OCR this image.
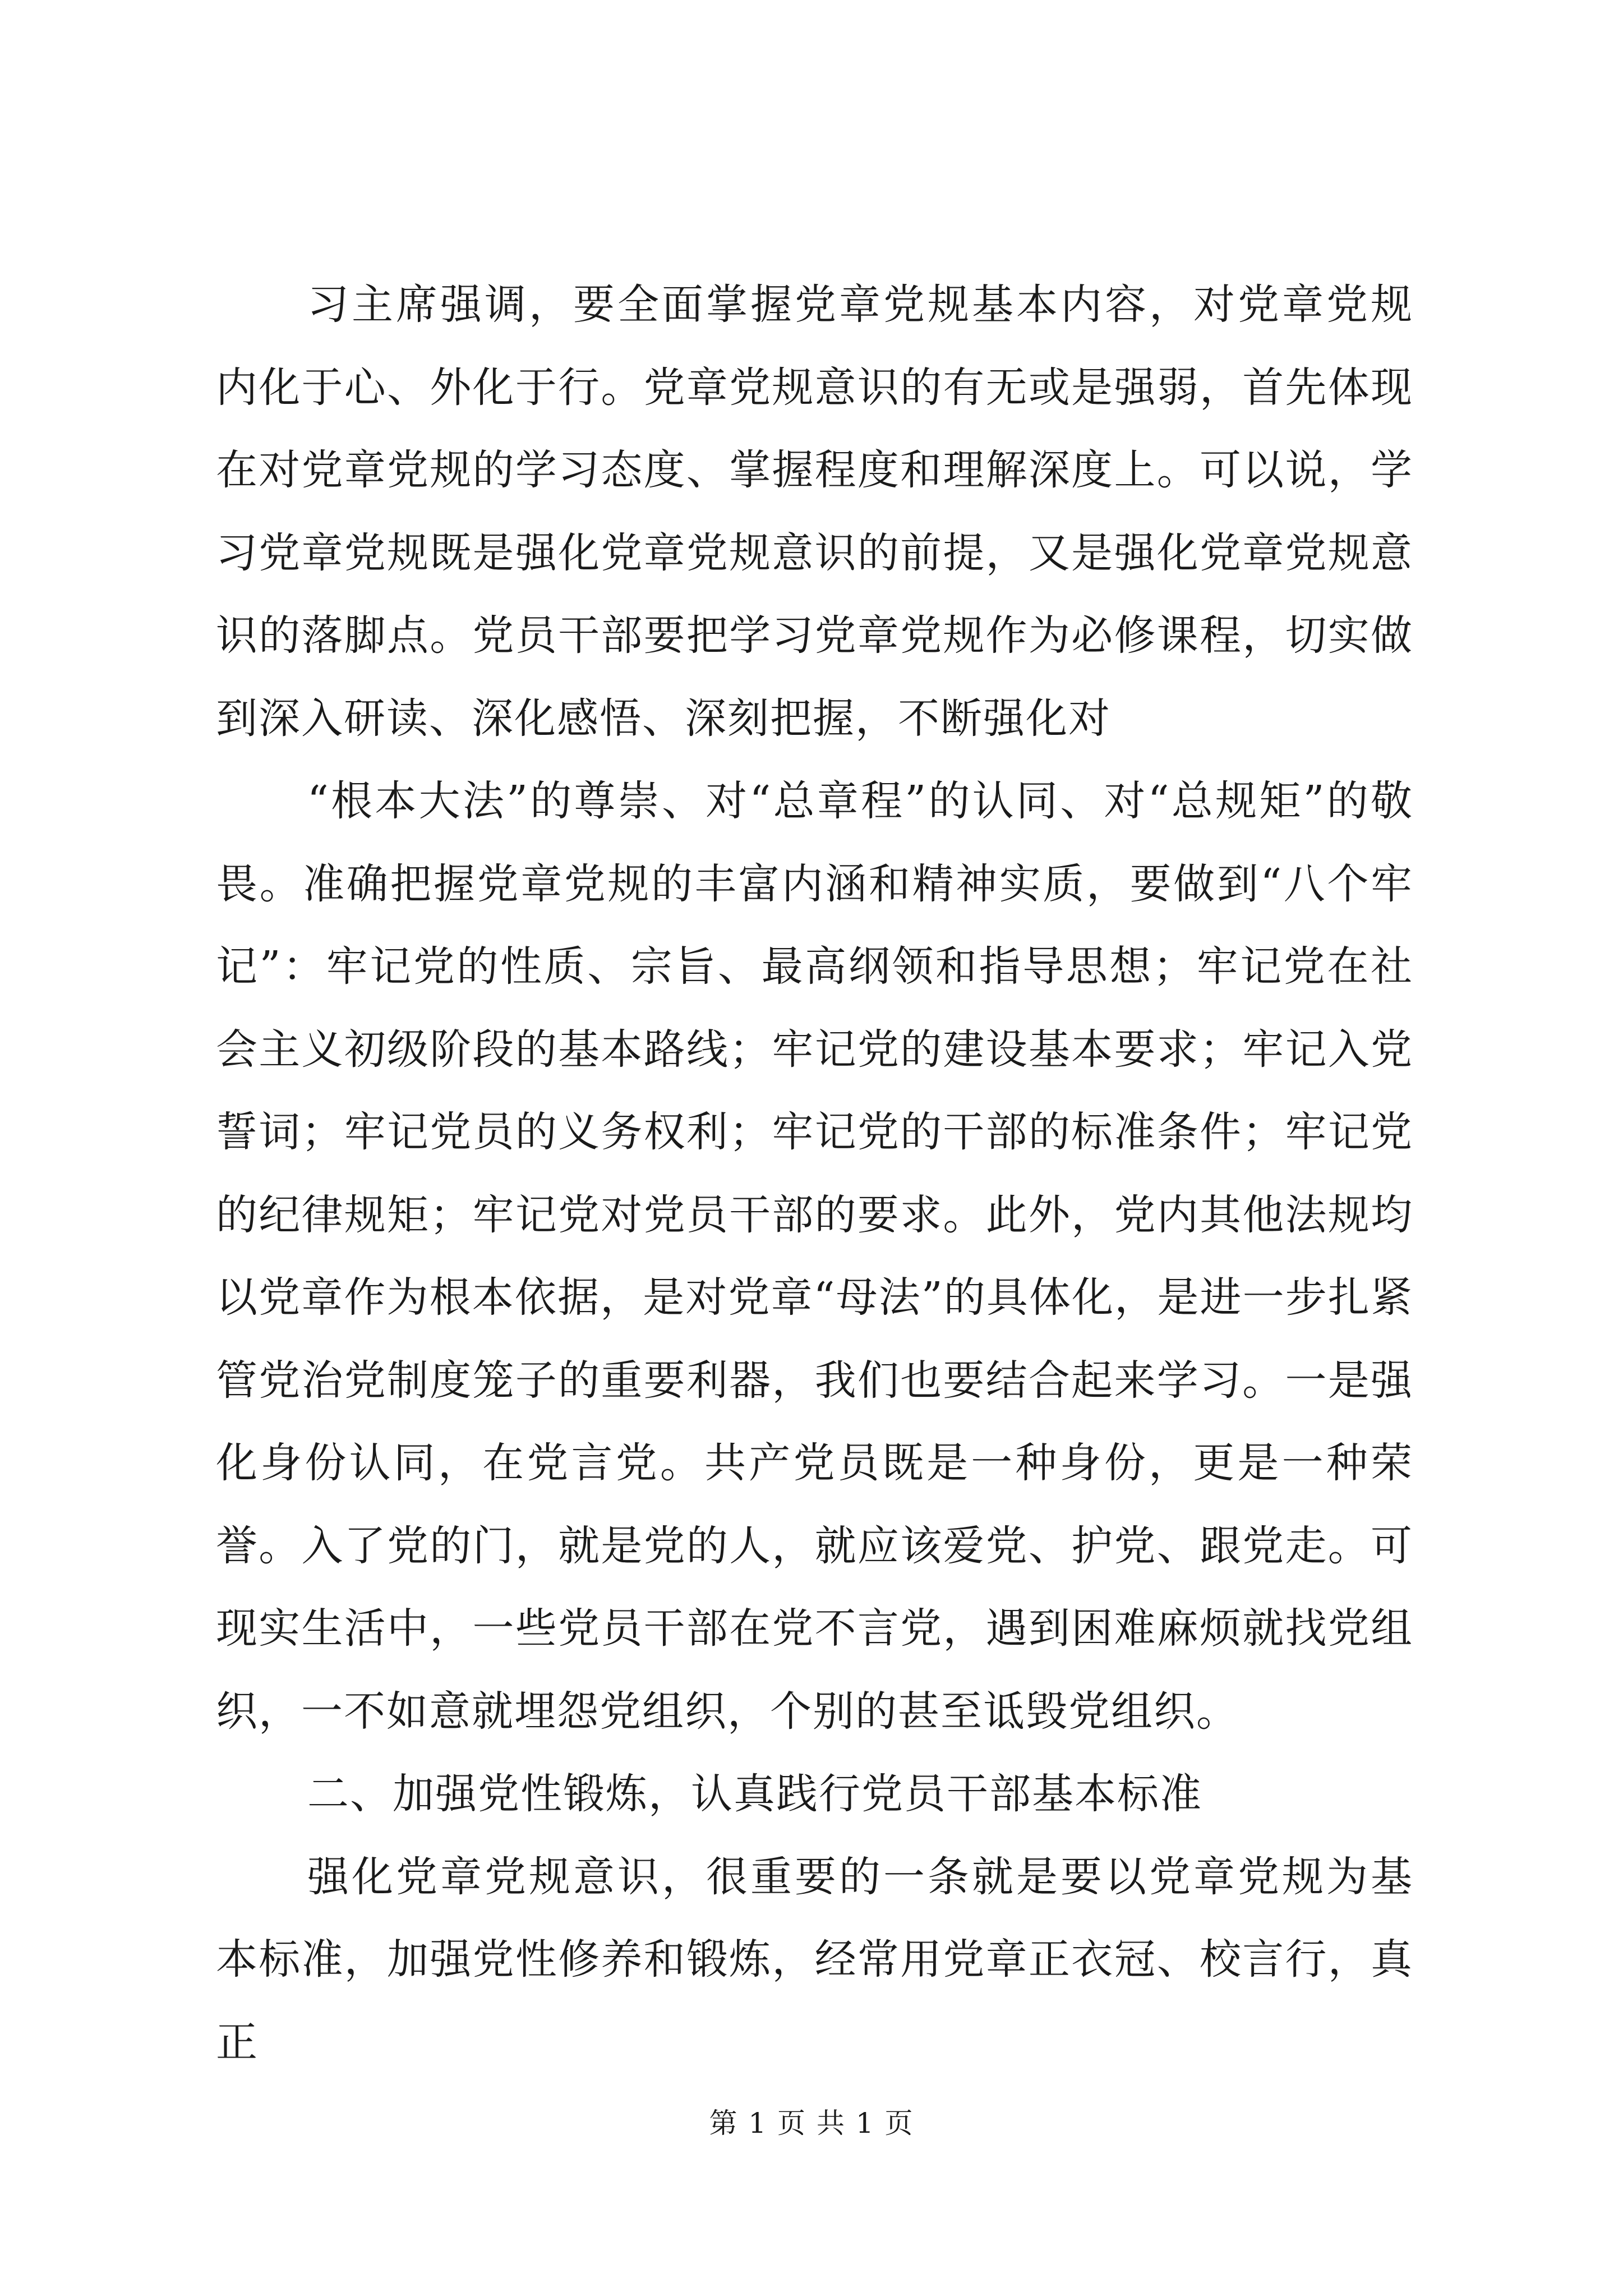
习主席强调，要全面掌握党章党规基本内容，对党章党规内化于心、外化于行。党章党规意识的有无或是强弱，首先体现在对党章党规的学习态度、掌握程度和理解深度上。可以说，学习党章党规既是强化党章党规意识的前提，又是强化党章党规意识的落脚点。党员干部要把学习党章党规作为必修课程，切实做到深入研读、深化感悟、深刻把握，不断强化对

“根本大法”的尊崇、对“总章程”的认同、对“总规矩”的敬畏。准确把握党章党规的丰富内涵和精神实质，要做到“八个牢记”：牢记党的性质、宗旨、最高纲领和指导思想；牢记党在社会主义初级阶段的基本路线；牢记党的建设基本要求；牢记入党誓词；牢记党员的义务权利；牢记党的干部的标准条件；牢记党的纪律规矩；牢记党对党员干部的要求。此外，党内其他法规均以党章作为根本依据，是对党章“母法”的具体化，是进一步扎紧管党治党制度笼子的重要利器，我们也要结合起来学习。一是强化身份认同，在党言党。共产党员既是一种身份，更是一种荣誉。入了党的门，就是党的人，就应该爱党、护党、跟党走。可现实生活中，一些党员干部在党不言党，遇到困难麻烦就找党组织，一不如意就埋怨党组织，个别的甚至诋毁党组织。

二、加强党性锻炼，认真践行党员干部基本标准

强化党章党规意识，很重要的一条就是要以党章党规为基本标准，加强党性修养和锻炼，经常用党章正衣冠、校言行，真正

第 1 页 共 1 页
